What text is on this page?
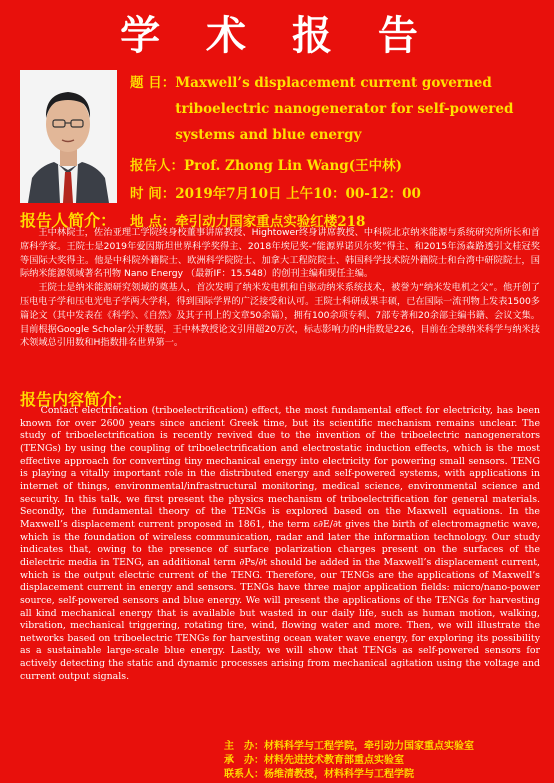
学 术 报 告
题 目： Maxwell’s displacement current governed triboelectric nanogenerator for self-powered systems and blue energy
报告人： Prof. Zhong Lin Wang(王中林)
时 间： 2019年7月10日 上午10：00-12：00
地 点： 牵引动力国家重点实验红楼218
报告人简介：

王中林院士，佐治亚理工学院终身校董事讲席教授、Hightower终身讲席教授、中科院北京纳米能源与系统研究所所长和首席科学家。王院士是2019年爱因斯坦世界科学奖得主、2018年埃尼奖-“能源界诺贝尔奖”得主、和2015年汤森路透引文桂冠奖等国际大奖得主。他是中科院外籍院士、欧洲科学院院士、加拿大工程院院士、韩国科学技术院外籍院士和台湾中研院院士，国际纳米能源领域著名刊物 Nano Energy （最新IF：15.548）的创刊主编和现任主编。

王院士是纳米能源研究领域的奠基人，首次发明了纳米发电机和自驱动纳米系统技术，被誉为“纳米发电机之父”。他开创了压电电子学和压电光电子学两大学科，得到国际学界的广泛接受和认可。王院士科研成果丰硕，已在国际一流刊物上发表1500多篇论文（其中发表在《科学》、《自然》及其子刊上的文章50余篇），拥有100余项专利、7部专著和20余部主编书籍、会议文集。目前根据Google Scholar公开数据，王中林教授论文引用超20万次，标志影响力的H指数是226，目前在全球纳米科学与纳米技术领域总引用数和H指数排名世界第一。

报告内容简介：

Contact electrification (triboelectrification) effect, the most fundamental effect for electricity, has been known for over 2600 years since ancient Greek time, but its scientific mechanism remains unclear. The study of triboelectrification is recently revived due to the invention of the triboelectric nanogenerators (TENGs) by using the coupling of triboelectrification and electrostatic induction effects, which is the most effective approach for converting tiny mechanical energy into electricity for powering small sensors. TENG is playing a vitally important role in the distributed energy and self-powered systems, with applications in internet of things, environmental/infrastructural monitoring, medical science, environmental science and security. In this talk, we first present the physics mechanism of triboelectrification for general materials. Secondly, the fundamental theory of the TENGs is explored based on the Maxwell equations. In the Maxwell’s displacement current proposed in 1861, the term ε∂E/∂t gives the birth of electromagnetic wave, which is the foundation of wireless communication, radar and later the information technology. Our study indicates that, owing to the presence of surface polarization charges present on the surfaces of the dielectric media in TENG, an additional term ∂Ps/∂t should be added in the Maxwell’s displacement current, which is the output electric current of the TENG. Therefore, our TENGs are the applications of Maxwell’s displacement current in energy and sensors. TENGs have three major application fields: micro/nano-power source, self-powered sensors and blue energy. We will present the applications of the TENGs for harvesting all kind mechanical energy that is available but wasted in our daily life, such as human motion, walking, vibration, mechanical triggering, rotating tire, wind, flowing water and more. Then, we will illustrate the networks based on triboelectric TENGs for harvesting ocean water wave energy, for exploring its possibility as a sustainable large-scale blue energy. Lastly, we will show that TENGs as self-powered sensors for actively detecting the static and dynamic processes arising from mechanical agitation using the voltage and current output signals.

主　办：材料科学与工程学院，牵引动力国家重点实验室
承　办：材料先进技术教育部重点实验室
联系人：杨维清教授，材料科学与工程学院
